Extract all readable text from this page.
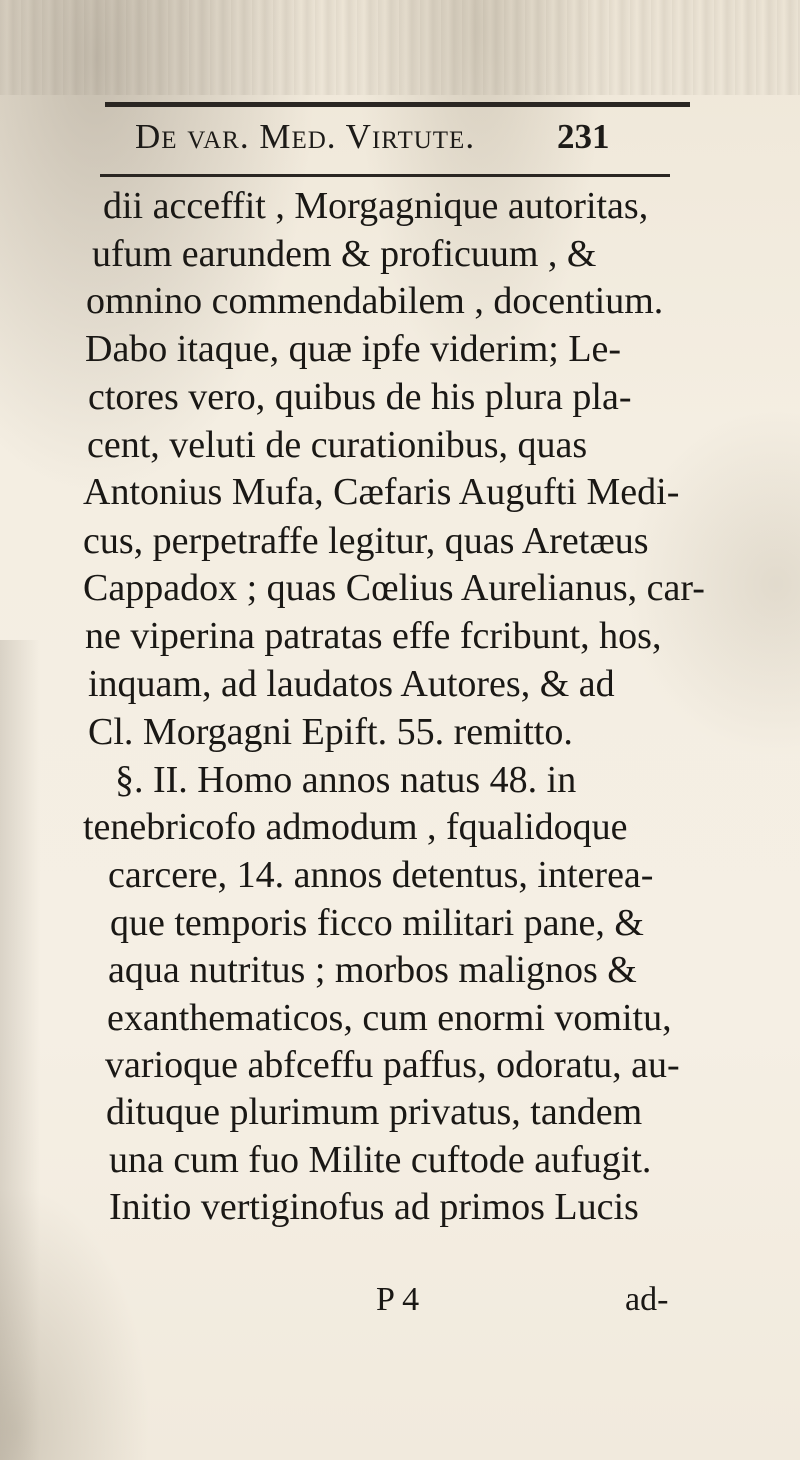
De var. Med. Virtute. 231
dii acceffit , Morgagnique autoritas,
ufum earundem & proficuum , &
omnino commendabilem , docentium.
Dabo itaque, quæ ipfe viderim; Le-
ctores vero, quibus de his plura pla-
cent, veluti de curationibus, quas
Antonius Mufa, Cæfaris Augufti Medi-
cus, perpetraffe legitur, quas Aretæus
Cappadox ; quas Cœlius Aurelianus, car-
ne viperina patratas effe fcribunt, hos,
inquam, ad laudatos Autores, & ad
Cl. Morgagni Epift. 55. remitto.
§. II. Homo annos natus 48. in
tenebricofo admodum , fqualidoque
carcere, 14. annos detentus, interea-
que temporis ficco militari pane, &
aqua nutritus ; morbos malignos &
exanthematicos, cum enormi vomitu,
varioque abfceffu paffus, odoratu, au-
dituque plurimum privatus, tandem
una cum fuo Milite cuftode aufugit.
Initio vertiginofus ad primos Lucis
P 4	ad-
